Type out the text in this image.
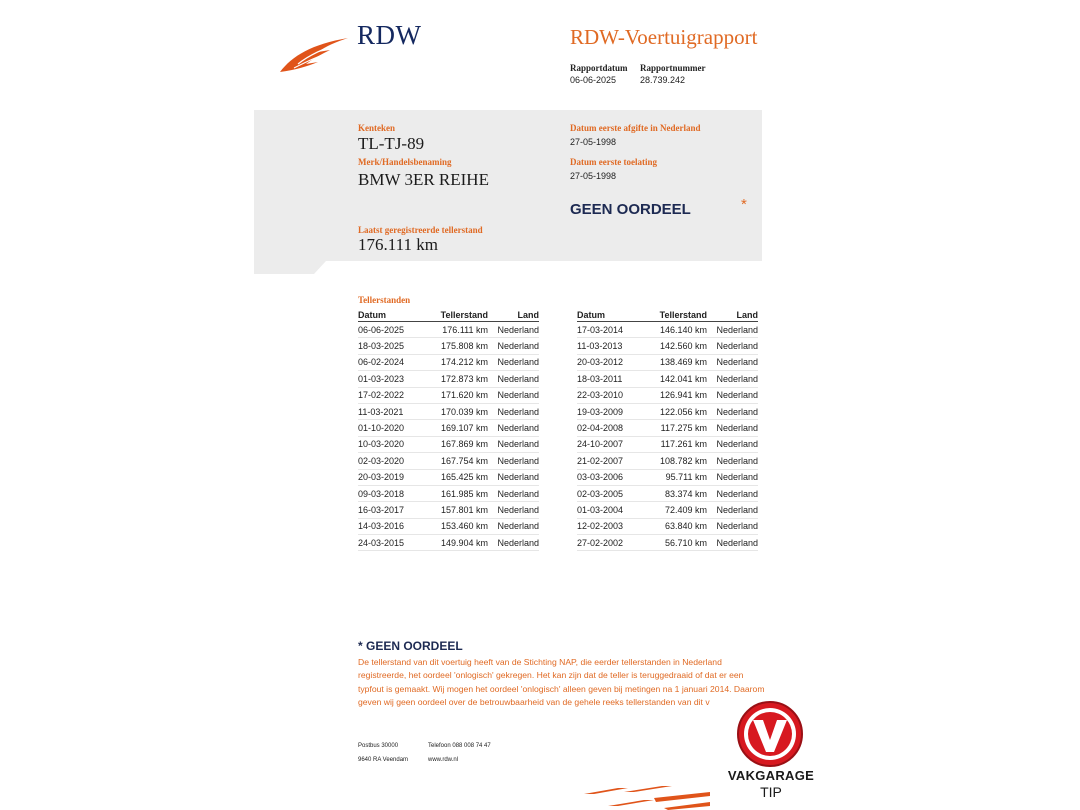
RDW	RDW-Voertuigrapport
Rapportdatum
06-06-2025
Rapportnummer
28.739.242
Kenteken
TL-TJ-89
Merk/Handelsbenaming
BMW 3ER REIHE
Datum eerste afgifte in Nederland
27-05-1998
Datum eerste toelating
27-05-1998
GEEN OORDEEL	*
Laatst geregistreerde tellerstand
176.111 km
Tellerstanden
Datum	Tellerstand	Land
06-06-2025	176.111 km	Nederland
18-03-2025	175.808 km	Nederland
06-02-2024	174.212 km	Nederland
01-03-2023	172.873 km	Nederland
17-02-2022	171.620 km	Nederland
11-03-2021	170.039 km	Nederland
01-10-2020	169.107 km	Nederland
10-03-2020	167.869 km	Nederland
02-03-2020	167.754 km	Nederland
20-03-2019	165.425 km	Nederland
09-03-2018	161.985 km	Nederland
16-03-2017	157.801 km	Nederland
14-03-2016	153.460 km	Nederland
24-03-2015	149.904 km	Nederland
Datum	Tellerstand	Land
17-03-2014	146.140 km	Nederland
11-03-2013	142.560 km	Nederland
20-03-2012	138.469 km	Nederland
18-03-2011	142.041 km	Nederland
22-03-2010	126.941 km	Nederland
19-03-2009	122.056 km	Nederland
02-04-2008	117.275 km	Nederland
24-10-2007	117.261 km	Nederland
21-02-2007	108.782 km	Nederland
03-03-2006	95.711 km	Nederland
02-03-2005	83.374 km	Nederland
01-03-2004	72.409 km	Nederland
12-02-2003	63.840 km	Nederland
27-02-2002	56.710 km	Nederland
* GEEN OORDEEL
De tellerstand van dit voertuig heeft van de Stichting NAP, die eerder tellerstanden in Nederland
registreerde, het oordeel 'onlogisch' gekregen. Het kan zijn dat de teller is teruggedraaid of dat er een
typfout is gemaakt. Wij mogen het oordeel 'onlogisch' alleen geven bij metingen na 1 januari 2014. Daarom
geven wij geen oordeel over de betrouwbaarheid van de gehele reeks tellerstanden van dit v
Postbus 30000
9640 RA Veendam
Telefoon 088 008 74 47
www.rdw.nl
VAKGARAGE
TIP
